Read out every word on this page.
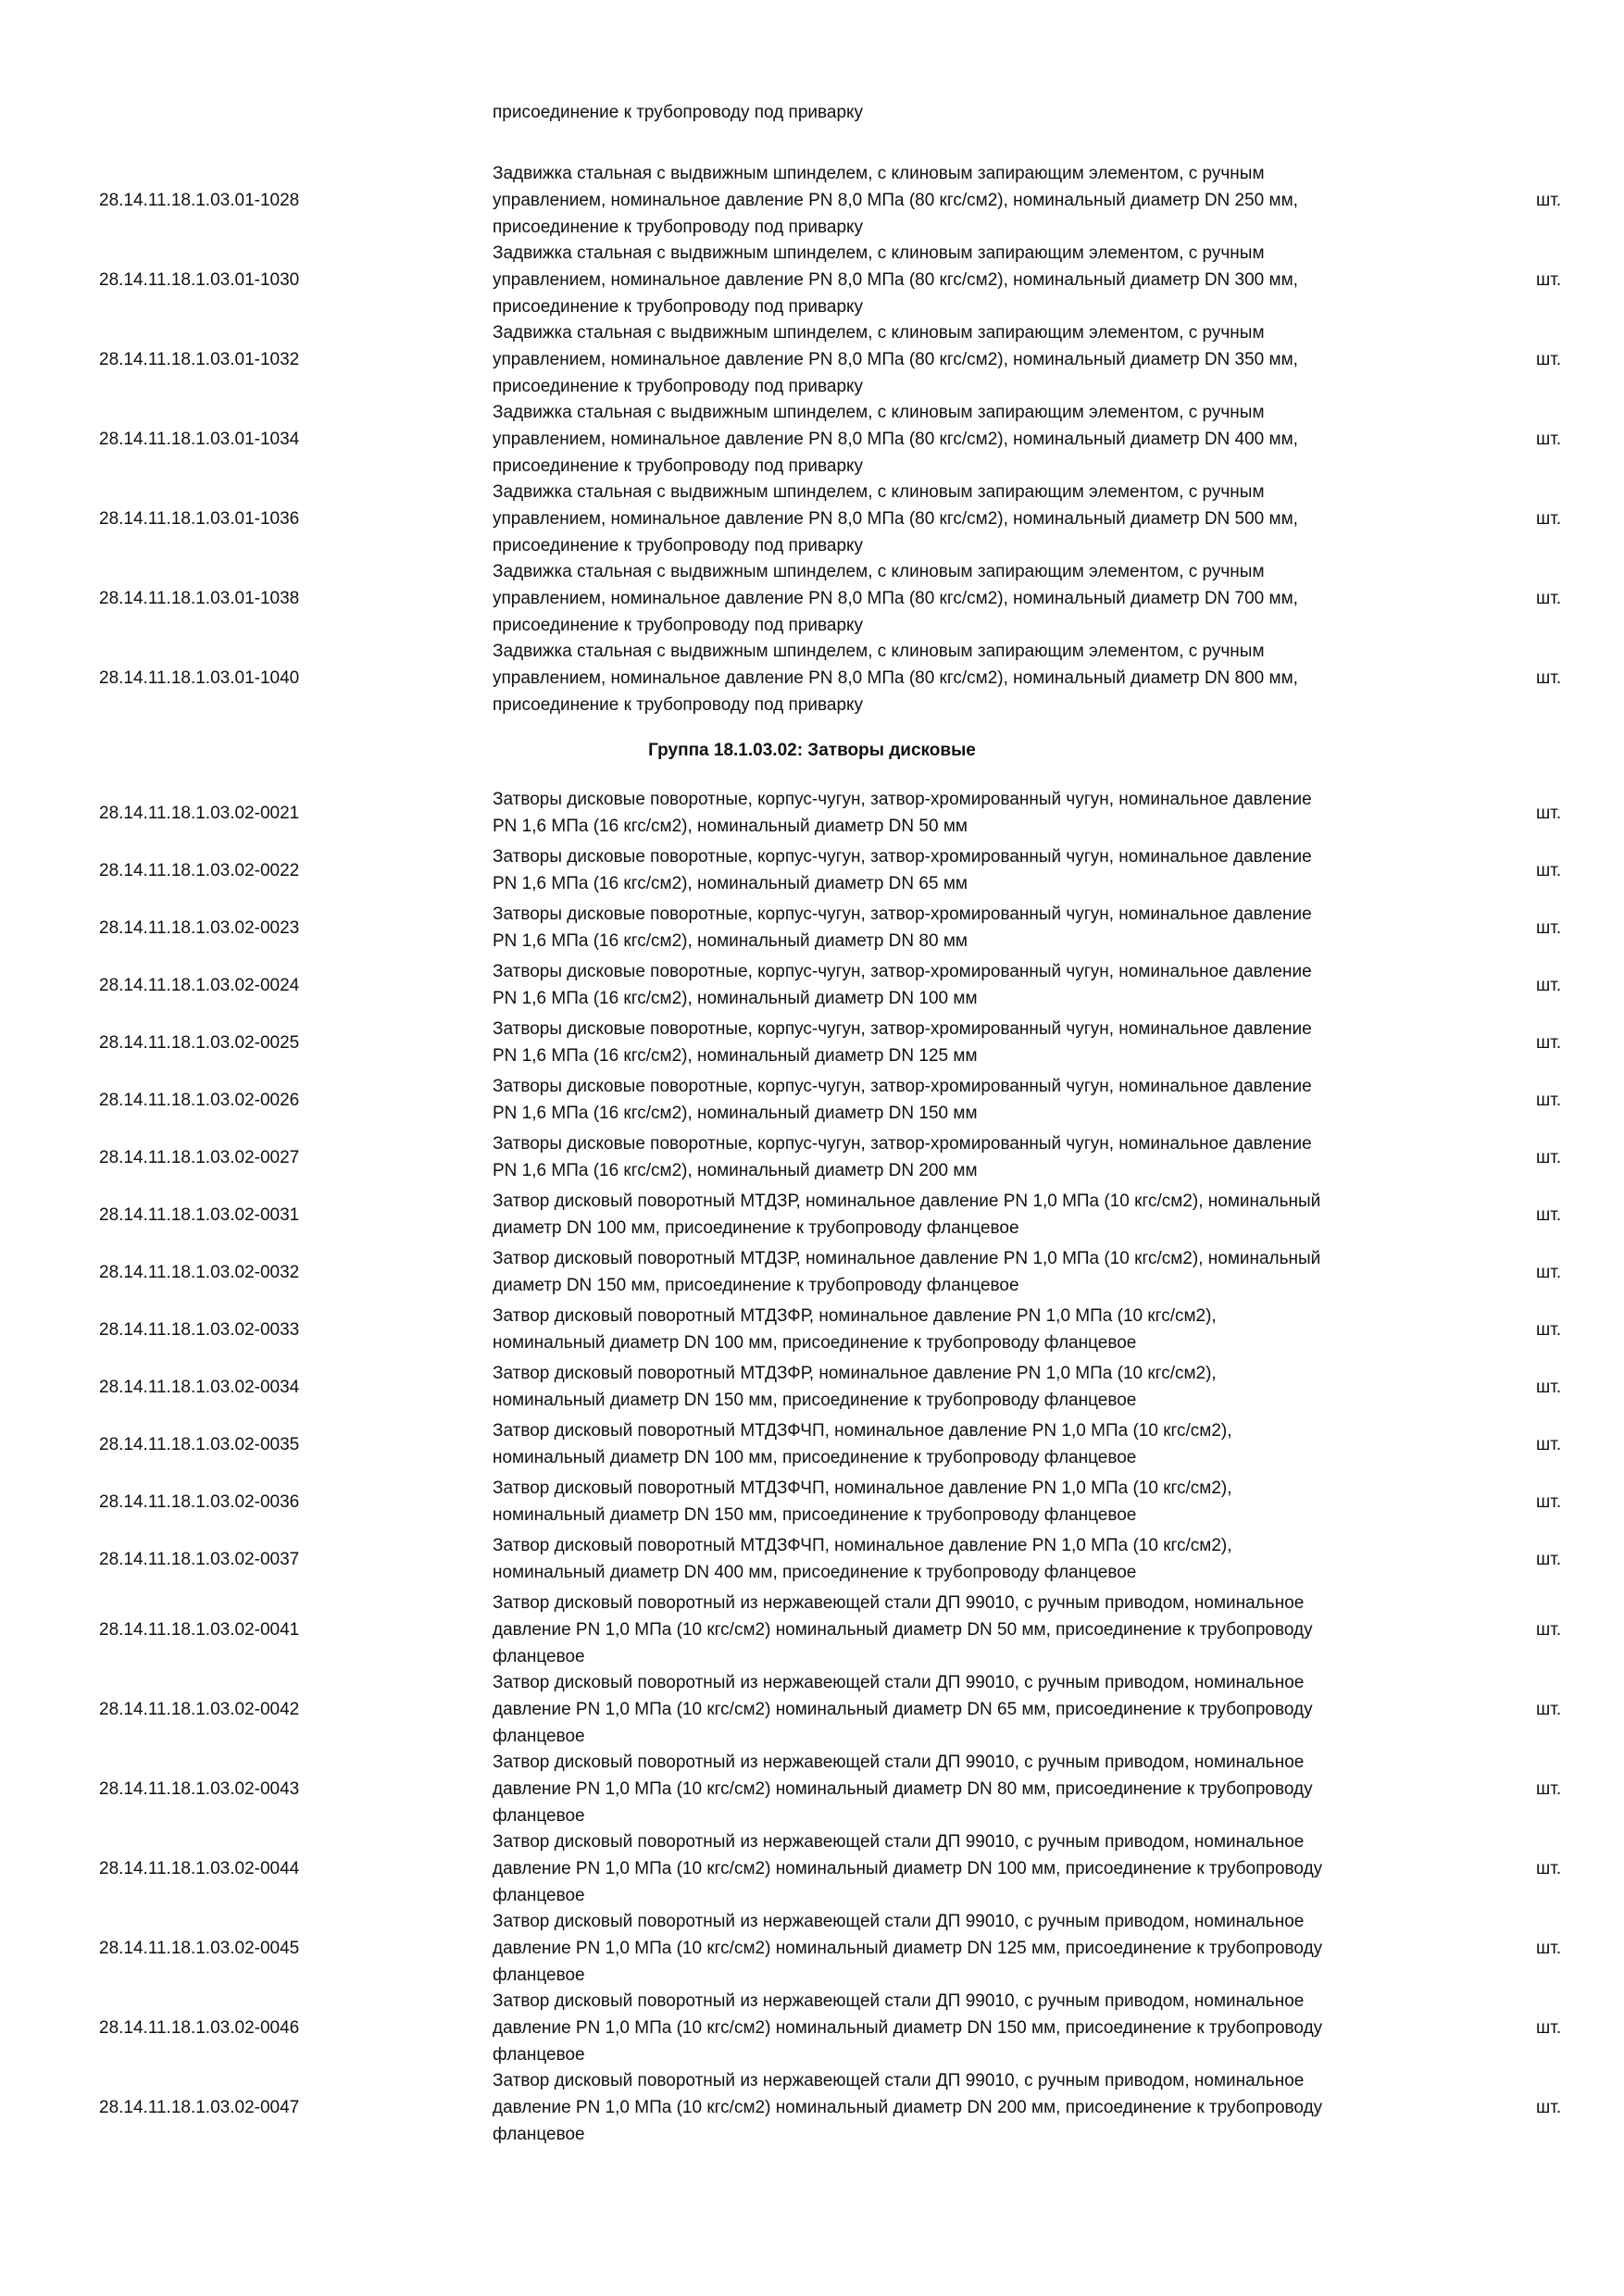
присоединение к трубопроводу под приварку
28.14.11.18.1.03.01-1028
Задвижка стальная с выдвижным шпинделем, с клиновым запирающим элементом, с ручным
управлением, номинальное давление PN 8,0 МПа (80 кгс/см2), номинальный диаметр DN 250 мм,
присоединение к трубопроводу под приварку
шт.
28.14.11.18.1.03.01-1030
Задвижка стальная с выдвижным шпинделем, с клиновым запирающим элементом, с ручным
управлением, номинальное давление PN 8,0 МПа (80 кгс/см2), номинальный диаметр DN 300 мм,
присоединение к трубопроводу под приварку
шт.
28.14.11.18.1.03.01-1032
Задвижка стальная с выдвижным шпинделем, с клиновым запирающим элементом, с ручным
управлением, номинальное давление PN 8,0 МПа (80 кгс/см2), номинальный диаметр DN 350 мм,
присоединение к трубопроводу под приварку
шт.
28.14.11.18.1.03.01-1034
Задвижка стальная с выдвижным шпинделем, с клиновым запирающим элементом, с ручным
управлением, номинальное давление PN 8,0 МПа (80 кгс/см2), номинальный диаметр DN 400 мм,
присоединение к трубопроводу под приварку
шт.
28.14.11.18.1.03.01-1036
Задвижка стальная с выдвижным шпинделем, с клиновым запирающим элементом, с ручным
управлением, номинальное давление PN 8,0 МПа (80 кгс/см2), номинальный диаметр DN 500 мм,
присоединение к трубопроводу под приварку
шт.
28.14.11.18.1.03.01-1038
Задвижка стальная с выдвижным шпинделем, с клиновым запирающим элементом, с ручным
управлением, номинальное давление PN 8,0 МПа (80 кгс/см2), номинальный диаметр DN 700 мм,
присоединение к трубопроводу под приварку
шт.
28.14.11.18.1.03.01-1040
Задвижка стальная с выдвижным шпинделем, с клиновым запирающим элементом, с ручным
управлением, номинальное давление PN 8,0 МПа (80 кгс/см2), номинальный диаметр DN 800 мм,
присоединение к трубопроводу под приварку
шт.
Группа 18.1.03.02: Затворы дисковые
28.14.11.18.1.03.02-0021
Затворы дисковые поворотные, корпус-чугун, затвор-хромированный чугун, номинальное давление
PN 1,6 МПа (16 кгс/см2), номинальный диаметр DN 50 мм
шт.
28.14.11.18.1.03.02-0022
Затворы дисковые поворотные, корпус-чугун, затвор-хромированный чугун, номинальное давление
PN 1,6 МПа (16 кгс/см2), номинальный диаметр DN 65 мм
шт.
28.14.11.18.1.03.02-0023
Затворы дисковые поворотные, корпус-чугун, затвор-хромированный чугун, номинальное давление
PN 1,6 МПа (16 кгс/см2), номинальный диаметр DN 80 мм
шт.
28.14.11.18.1.03.02-0024
Затворы дисковые поворотные, корпус-чугун, затвор-хромированный чугун, номинальное давление
PN 1,6 МПа (16 кгс/см2), номинальный диаметр DN 100 мм
шт.
28.14.11.18.1.03.02-0025
Затворы дисковые поворотные, корпус-чугун, затвор-хромированный чугун, номинальное давление
PN 1,6 МПа (16 кгс/см2), номинальный диаметр DN 125 мм
шт.
28.14.11.18.1.03.02-0026
Затворы дисковые поворотные, корпус-чугун, затвор-хромированный чугун, номинальное давление
PN 1,6 МПа (16 кгс/см2), номинальный диаметр DN 150 мм
шт.
28.14.11.18.1.03.02-0027
Затворы дисковые поворотные, корпус-чугун, затвор-хромированный чугун, номинальное давление
PN 1,6 МПа (16 кгс/см2), номинальный диаметр DN 200 мм
шт.
28.14.11.18.1.03.02-0031
Затвор дисковый поворотный МТДЗР, номинальное давление PN 1,0 МПа (10 кгс/см2), номинальный
диаметр DN 100 мм, присоединение к трубопроводу фланцевое
шт.
28.14.11.18.1.03.02-0032
Затвор дисковый поворотный МТДЗР, номинальное давление PN 1,0 МПа (10 кгс/см2), номинальный
диаметр DN 150 мм, присоединение к трубопроводу фланцевое
шт.
28.14.11.18.1.03.02-0033
Затвор дисковый поворотный МТДЗФР, номинальное давление PN 1,0 МПа (10 кгс/см2),
номинальный диаметр DN 100 мм, присоединение к трубопроводу фланцевое
шт.
28.14.11.18.1.03.02-0034
Затвор дисковый поворотный МТДЗФР, номинальное давление PN 1,0 МПа (10 кгс/см2),
номинальный диаметр DN 150 мм, присоединение к трубопроводу фланцевое
шт.
28.14.11.18.1.03.02-0035
Затвор дисковый поворотный МТДЗФЧП, номинальное давление PN 1,0 МПа (10 кгс/см2),
номинальный диаметр DN 100 мм, присоединение к трубопроводу фланцевое
шт.
28.14.11.18.1.03.02-0036
Затвор дисковый поворотный МТДЗФЧП, номинальное давление PN 1,0 МПа (10 кгс/см2),
номинальный диаметр DN 150 мм, присоединение к трубопроводу фланцевое
шт.
28.14.11.18.1.03.02-0037
Затвор дисковый поворотный МТДЗФЧП, номинальное давление PN 1,0 МПа (10 кгс/см2),
номинальный диаметр DN 400 мм, присоединение к трубопроводу фланцевое
шт.
28.14.11.18.1.03.02-0041
Затвор дисковый поворотный из нержавеющей стали ДП 99010, с ручным приводом, номинальное
давление PN 1,0 МПа (10 кгс/см2) номинальный диаметр DN 50 мм, присоединение к трубопроводу
фланцевое
шт.
28.14.11.18.1.03.02-0042
Затвор дисковый поворотный из нержавеющей стали ДП 99010, с ручным приводом, номинальное
давление PN 1,0 МПа (10 кгс/см2) номинальный диаметр DN 65 мм, присоединение к трубопроводу
фланцевое
шт.
28.14.11.18.1.03.02-0043
Затвор дисковый поворотный из нержавеющей стали ДП 99010, с ручным приводом, номинальное
давление PN 1,0 МПа (10 кгс/см2) номинальный диаметр DN 80 мм, присоединение к трубопроводу
фланцевое
шт.
28.14.11.18.1.03.02-0044
Затвор дисковый поворотный из нержавеющей стали ДП 99010, с ручным приводом, номинальное
давление PN 1,0 МПа (10 кгс/см2) номинальный диаметр DN 100 мм, присоединение к трубопроводу
фланцевое
шт.
28.14.11.18.1.03.02-0045
Затвор дисковый поворотный из нержавеющей стали ДП 99010, с ручным приводом, номинальное
давление PN 1,0 МПа (10 кгс/см2) номинальный диаметр DN 125 мм, присоединение к трубопроводу
фланцевое
шт.
28.14.11.18.1.03.02-0046
Затвор дисковый поворотный из нержавеющей стали ДП 99010, с ручным приводом, номинальное
давление PN 1,0 МПа (10 кгс/см2) номинальный диаметр DN 150 мм, присоединение к трубопроводу
фланцевое
шт.
28.14.11.18.1.03.02-0047
Затвор дисковый поворотный из нержавеющей стали ДП 99010, с ручным приводом, номинальное
давление PN 1,0 МПа (10 кгс/см2) номинальный диаметр DN 200 мм, присоединение к трубопроводу
фланцевое
шт.
